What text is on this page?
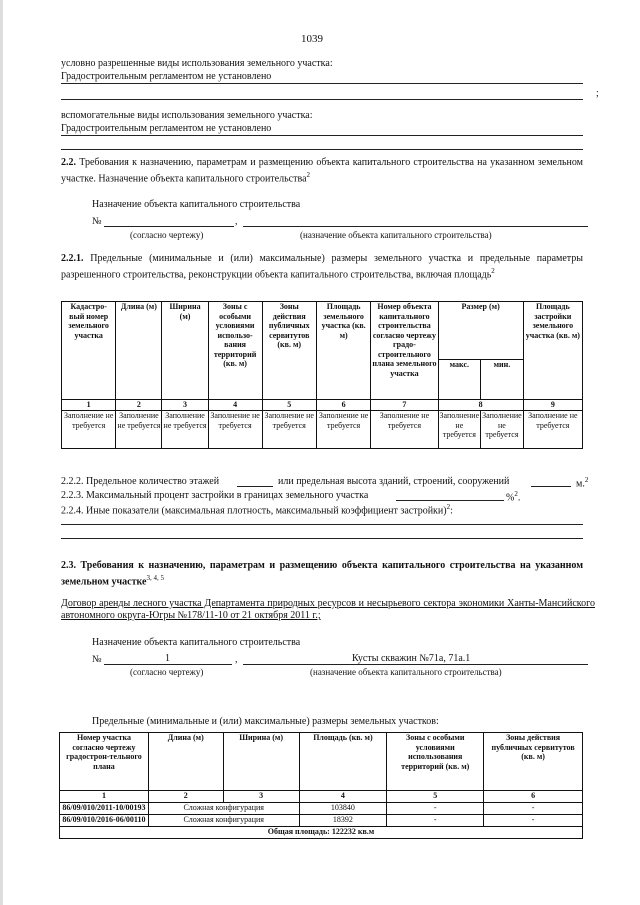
1039
условно разрешенные виды использования земельного участка:
Градостроительным регламентом не установлено
;
вспомогательные виды использования земельного участка:
Градостроительным регламентом не установлено
2.2. Требования к назначению, параметрам и размещению объекта капитального строительства на указанном земельном участке. Назначение объекта капитального строительства$^2$
Назначение объекта капитального строительства
№	,
(согласно чертежу)	(назначение объекта капитального строительства)
2.2.1. Предельные (минимальные и (или) максимальные) размеры земельного участка и предельные параметры разрешенного строительства, реконструкции объекта капитального строительства, включая площадь$^2$
Кадастро-вый номер земельного участка	Длина (м)	Ширина (м)	Зоны с особыми условиями использо-вания территорий (кв. м)	Зоны действия публичных сервитутов (кв. м)	Площадь земельного участка (кв. м)	Номер объекта капитального строительства согласно чертежу градо-строительного плана земельного участка	Размер (м)		Площадь застройки земельного участка (кв. м)
							макс.	мин.	
1	2	3	4	5	6	7	8		9
Заполнение не требуется	Заполнение не требуется	Заполнение не требуется	Заполнение не требуется	Заполнение не требуется	Заполнение не требуется	Заполнение не требуется	Заполнение не требуется	Заполнение не требуется	Заполнение не требуется
2.2.2. Предельное количество этажей	или предельная высота зданий, строений, сооружений	м.$^2$
2.2.3. Максимальный процент застройки в границах земельного участка	%$^2$.
2.2.4. Иные показатели (максимальная плотность, максимальный коэффициент застройки)$^2$:
2.3. Требования к назначению, параметрам и размещению объекта капитального строительства на указанном земельном участке$^{3, 4, 5}$
Договор аренды лесного участка Департамента природных ресурсов и несырьевого сектора экономики Ханты-Мансийского автономного округа-Югры №178/11-10 от 21 октября 2011 г.;
Назначение объекта капитального строительства
№	1	,	Кусты скважин №71а, 71а.1
(согласно чертежу)	(назначение объекта капитального строительства)
Предельные (минимальные и (или) максимальные) размеры земельных участков:
Номер участка согласно чертежу градострон-тельного плана	Длина (м)	Ширина (м)	Площадь (кв. м)	Зоны с особыми условиями использования территорий (кв. м)	Зоны действия публичных сервитутов (кв. м)
1	2	3	4	5	6
86/09/010/2011-10/00193	Сложная конфигурация		103840	-	-
86/09/010/2016-06/00110	Сложная конфигурация		18392	-	-
Общая площадь: 122232 кв.м					
